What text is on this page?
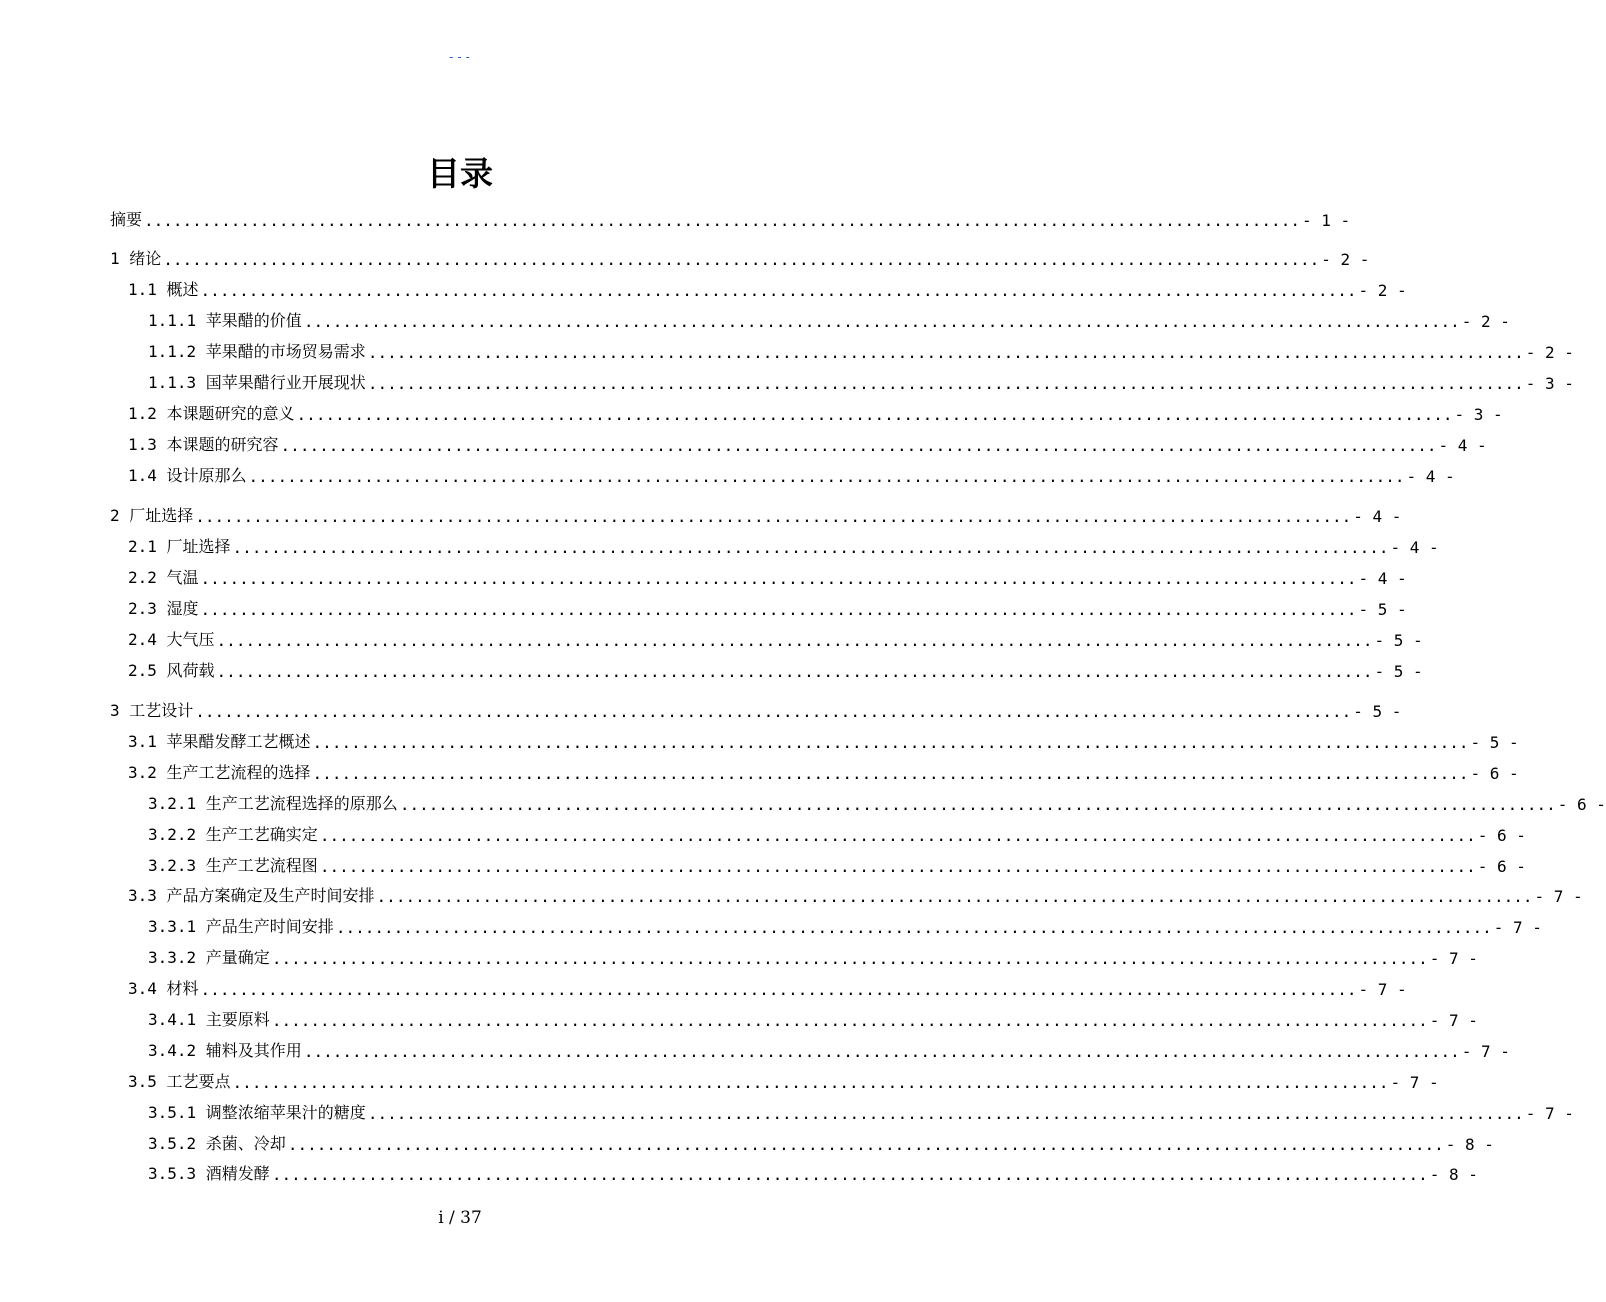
---
目录
摘要 ........................................................................................................................ - 1 -
1 绪论 ........................................................................................................................ - 2 -
1.1 概述 ........................................................................................................................ - 2 -
1.1.1 苹果醋的价值 ........................................................................................................................ - 2 -
1.1.2 苹果醋的市场贸易需求 ........................................................................................................................ - 2 -
1.1.3 国苹果醋行业开展现状 ........................................................................................................................ - 3 -
1.2 本课题研究的意义 ........................................................................................................................ - 3 -
1.3 本课题的研究容 ........................................................................................................................ - 4 -
1.4 设计原那么 ........................................................................................................................ - 4 -
2 厂址选择 ........................................................................................................................ - 4 -
2.1 厂址选择 ........................................................................................................................ - 4 -
2.2 气温 ........................................................................................................................ - 4 -
2.3 湿度 ........................................................................................................................ - 5 -
2.4 大气压 ........................................................................................................................ - 5 -
2.5 风荷载 ........................................................................................................................ - 5 -
3 工艺设计 ........................................................................................................................ - 5 -
3.1 苹果醋发酵工艺概述 ........................................................................................................................ - 5 -
3.2 生产工艺流程的选择 ........................................................................................................................ - 6 -
3.2.1 生产工艺流程选择的原那么 ........................................................................................................................ - 6 -
3.2.2 生产工艺确实定 ........................................................................................................................ - 6 -
3.2.3 生产工艺流程图 ........................................................................................................................ - 6 -
3.3 产品方案确定及生产时间安排 ........................................................................................................................ - 7 -
3.3.1 产品生产时间安排 ........................................................................................................................ - 7 -
3.3.2 产量确定 ........................................................................................................................ - 7 -
3.4 材料 ........................................................................................................................ - 7 -
3.4.1 主要原料 ........................................................................................................................ - 7 -
3.4.2 辅料及其作用 ........................................................................................................................ - 7 -
3.5 工艺要点 ........................................................................................................................ - 7 -
3.5.1 调整浓缩苹果汁的糖度 ........................................................................................................................ - 7 -
3.5.2 杀菌、冷却 ........................................................................................................................ - 8 -
3.5.3 酒精发酵 ........................................................................................................................ - 8 -
i / 37
